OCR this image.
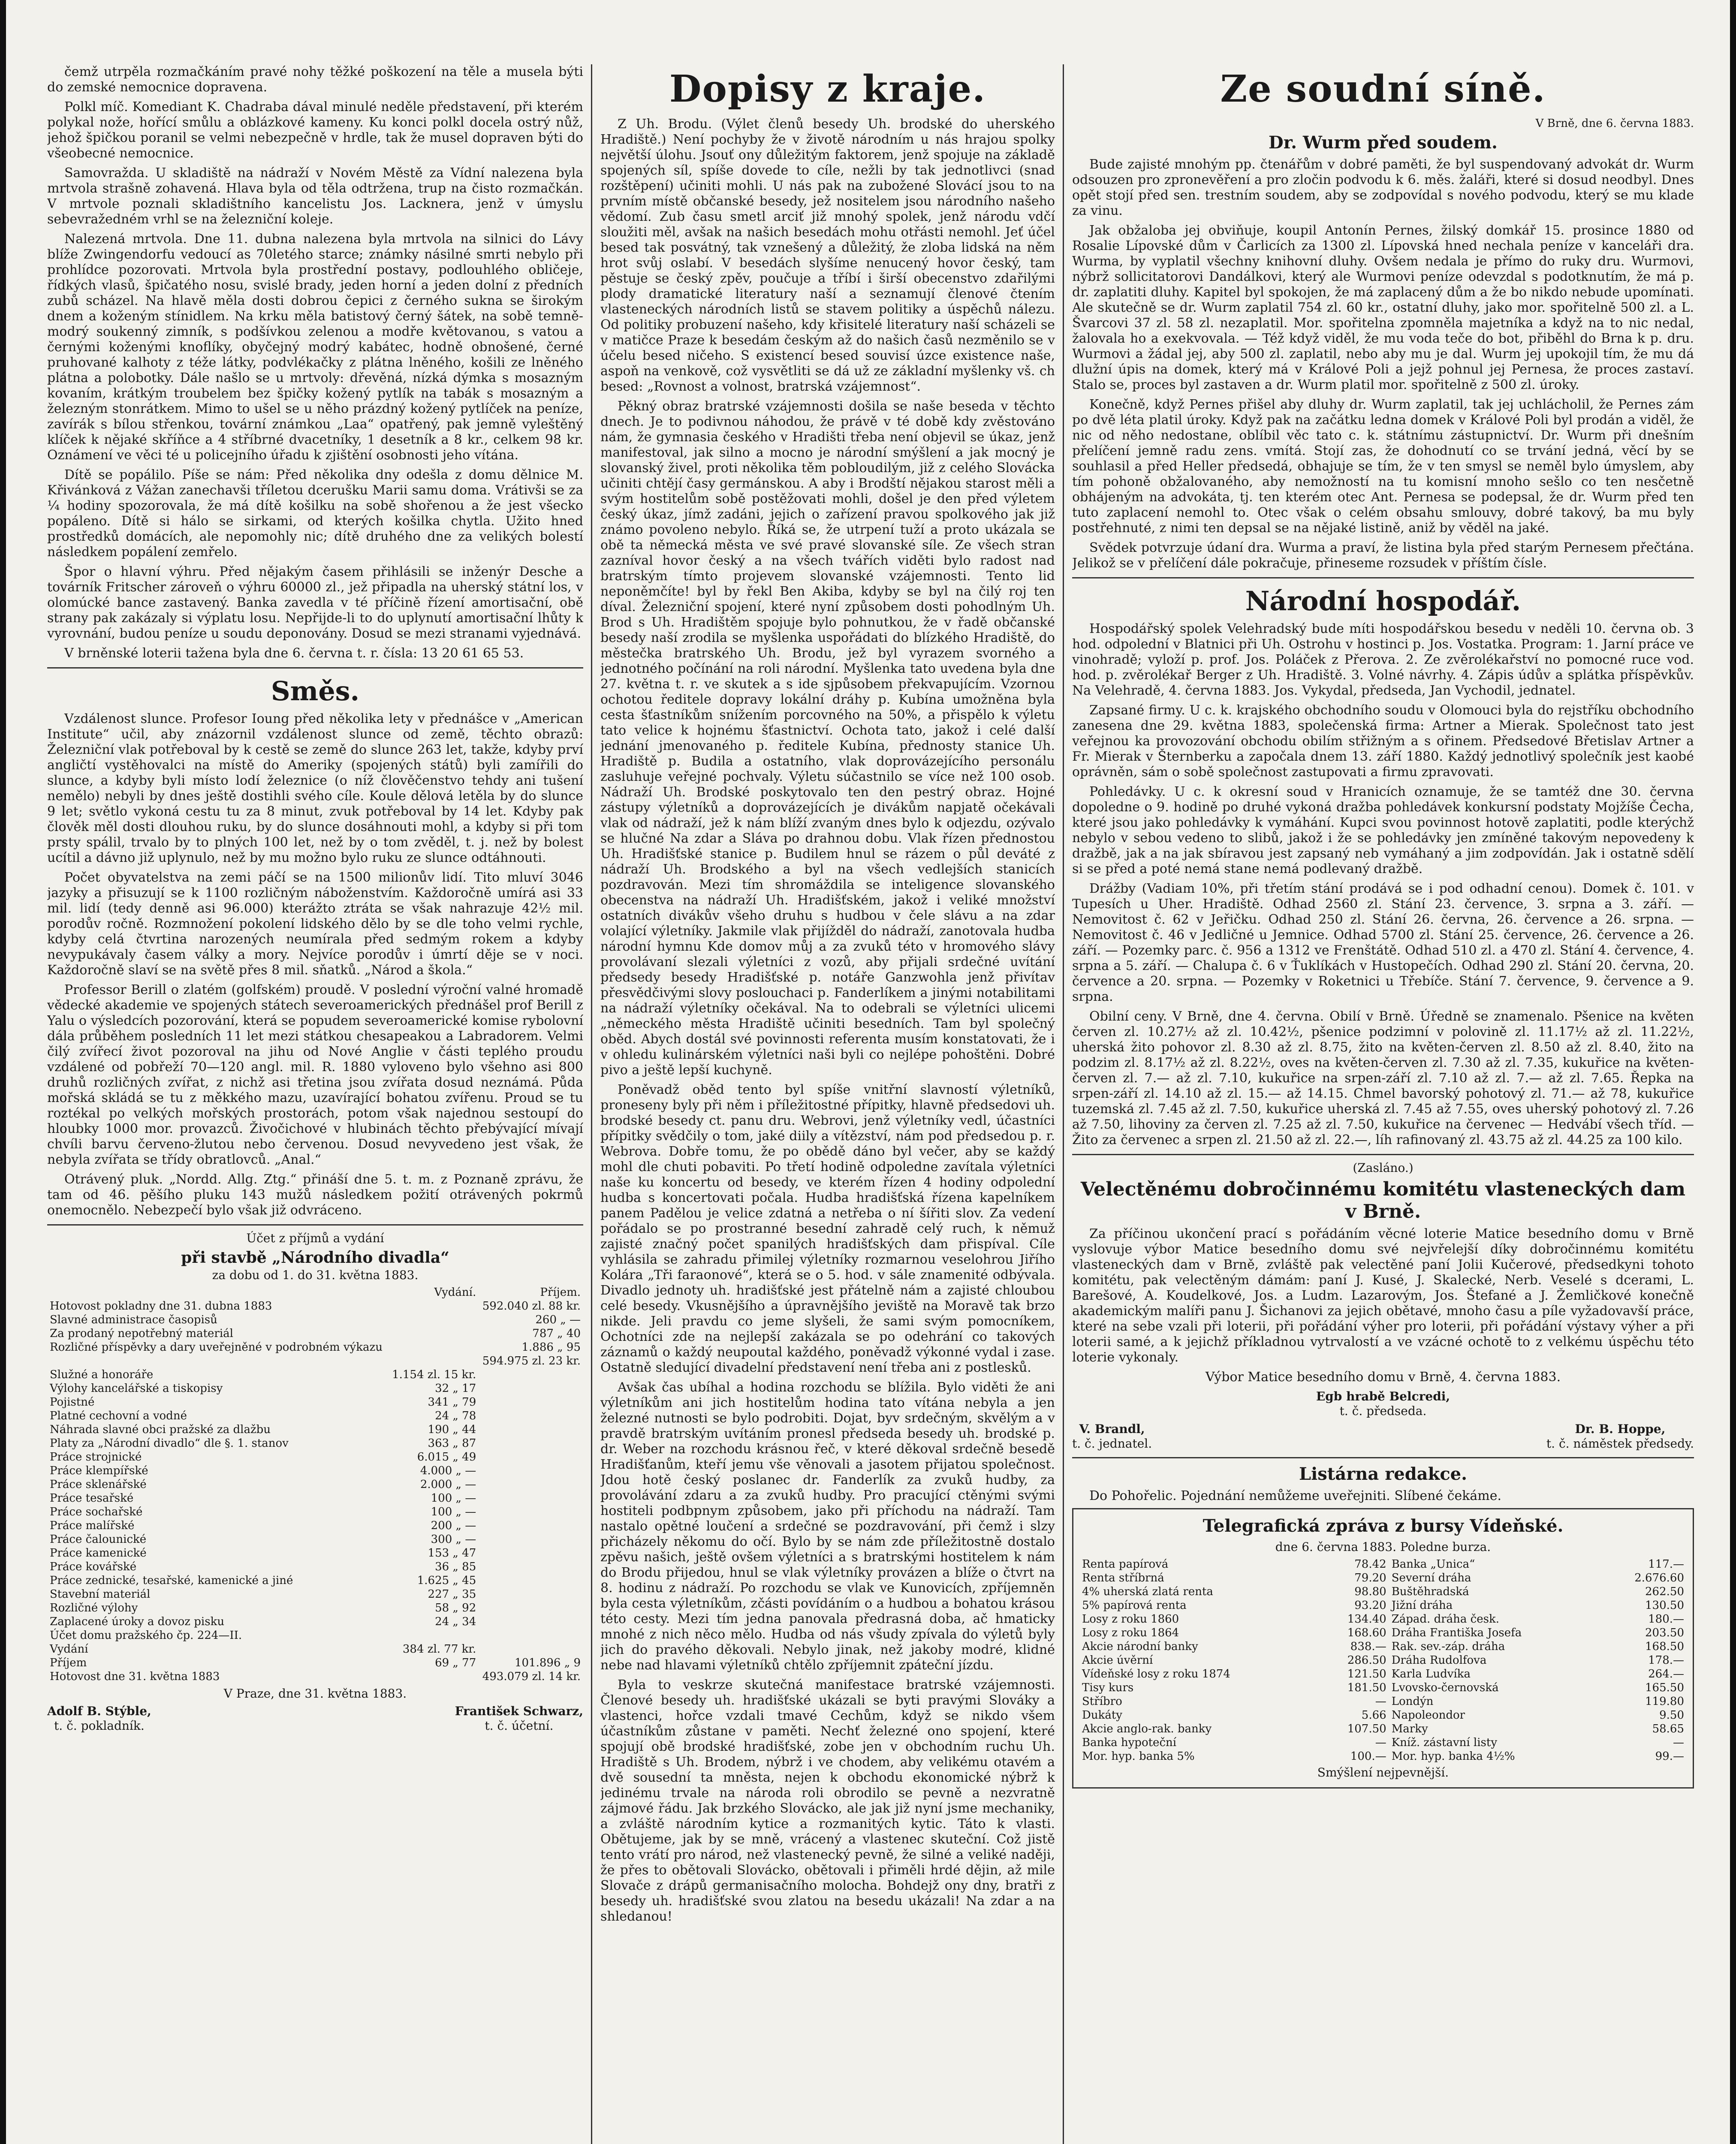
čemž utrpěla rozmačkáním pravé nohy těžké poškození na těle a musela býti do zemské nemocnice dopravena.

Polkl míč. Komediant K. Chadraba dával minulé neděle představení, při kterém polykal nože, hořící smůlu a oblázkové kameny. Ku konci polkl docela ostrý nůž, jehož špičkou poranil se velmi nebezpečně v hrdle, tak že musel dopraven býti do všeobecné nemocnice.

Samovražda. U skladiště na nádraží v Novém Městě za Vídní nalezena byla mrtvola strašně zohavená. Hlava byla od těla odtržena, trup na čisto rozmačkán. V mrtvole poznali skladištního kancelistu Jos. Lacknera, jenž v úmyslu sebevražedném vrhl se na železniční koleje.

Nalezená mrtvola. Dne 11. dubna nalezena byla mrtvola na silnici do Lávy blíže Zwingendorfu vedoucí as 70letého starce; známky násilné smrti nebylo při prohlídce pozorovati. Mrtvola byla prostřední postavy, podlouhlého obličeje, řídkých vlasů, špičatého nosu, svislé brady, jeden horní a jeden dolní z předních zubů scházel. Na hlavě měla dosti dobrou čepici z černého sukna se širokým dnem a koženým stínidlem. Na krku měla batistový černý šátek, na sobě temně-modrý soukenný zimník, s podšívkou zelenou a modře květovanou, s vatou a černými koženými knoflíky, obyčejný modrý kabátec, hodně obnošené, černé pruhované kalhoty z téže látky, podvlékačky z plátna lněného, košili ze lněného plátna a polobotky. Dále našlo se u mrtvoly: dřevěná, nízká dýmka s mosazným kovaním, krátkým troubelem bez špičky kožený pytlík na tabák s mosazným a železným stonrátkem. Mimo to ušel se u něho prázdný kožený pytlíček na peníze, zavírák s bílou střenkou, tovární známkou „Laa“ opatřený, pak jemně vyleštěný klíček k nějaké skříňce a 4 stříbrné dvacetníky, 1 desetník a 8 kr., celkem 98 kr. Oznámení ve věci té u policejního úřadu k zjištění osobnosti jeho vítána.

Dítě se popálilo. Píše se nám: Před několika dny odešla z domu dělnice M. Křivánková z Vážan zanechavši tříletou dcerušku Marii samu doma. Vrátivši se za ¼ hodiny spozorovala, že má dítě košilku na sobě shořenou a že jest všecko popáleno. Dítě si hálo se sirkami, od kterých košilka chytla. Užito hned prostředků domácích, ale nepomohly nic; dítě druhého dne za velikých bolestí následkem popálení zemřelo.

Špor o hlavní výhru. Před nějakým časem přihlásili se inženýr Desche a továrník Fritscher zároveň o výhru 60000 zl., jež připadla na uherský státní los, v olomúcké bance zastavený. Banka zavedla v té příčině řízení amortisační, obě strany pak zakázaly si výplatu losu. Nepřijde-li to do uplynutí amortisační lhůty k vyrovnání, budou peníze u soudu deponovány. Dosud se mezi stranami vyjednává.

V brněnské loterii tažena byla dne 6. června t. r. čísla: 13 20 61 65 53.

Směs.

Vzdálenost slunce. Profesor Ioung před několika lety v přednášce v „American Institute“ učil, aby znázornil vzdálenost slunce od země, těchto obrazů: Železniční vlak potřeboval by k cestě se země do slunce 263 let, takže, kdyby prví angličtí vystěhovalci na místě do Ameriky (spojených států) byli zamířili do slunce, a kdyby byli místo lodí železnice (o níž člověčenstvo tehdy ani tušení nemělo) nebyli by dnes ještě dostihli svého cíle. Koule dělová letěla by do slunce 9 let; světlo vykoná cestu tu za 8 minut, zvuk potřeboval by 14 let. Kdyby pak člověk měl dosti dlouhou ruku, by do slunce dosáhnouti mohl, a kdyby si při tom prsty spálil, trvalo by to plných 100 let, než by o tom zvěděl, t. j. než by bolest ucítil a dávno již uplynulo, než by mu možno bylo ruku ze slunce odtáhnouti.

Počet obyvatelstva na zemi páčí se na 1500 milionův lidí. Tito mluví 3046 jazyky a přisuzují se k 1100 rozličným náboženstvím. Každoročně umírá asi 33 mil. lidí (tedy denně asi 96.000) kterážto ztráta se však nahrazuje 42½ mil. porodův ročně. Rozmnožení pokolení lidského dělo by se dle toho velmi rychle, kdyby celá čtvrtina narozených neumírala před sedmým rokem a kdyby nevypukávaly časem války a mory. Nejvíce porodův i úmrtí děje se v noci. Každoročně slaví se na světě přes 8 mil. sňatků. „Národ a škola.“

Professor Berill o zlatém (golfském) proudě. V poslední výroční valné hromadě vědecké akademie ve spojených státech severoamerických přednášel prof Berill z Yalu o výsledcích pozorování, která se popudem severoamerické komise rybolovní dála průběhem posledních 11 let mezi státkou chesapeakou a Labradorem. Velmi čilý zvířecí život pozoroval na jihu od Nové Anglie v části teplého proudu vzdálené od pobřeží 70—120 angl. mil. R. 1880 vyloveno bylo všehno asi 800 druhů rozličných zvířat, z nichž asi třetina jsou zvířata dosud neznámá. Půda mořská skládá se tu z měkkého mazu, uzavírající bohatou zvířenu. Proud se tu roztékal po velkých mořských prostorách, potom však najednou sestoupí do hloubky 1000 mor. provazců. Živočichové v hlubinách těchto přebývající mívají chvíli barvu červeno-žlutou nebo červenou. Dosud nevyvedeno jest však, že nebyla zvířata se třídy obratlovců. „Anal.“

Otrávený pluk. „Nordd. Allg. Ztg.“ přináší dne 5. t. m. z Poznaně zprávu, že tam od 46. pěšího pluku 143 mužů následkem požití otrávených pokrmů onemocnělo. Nebezpečí bylo však již odvráceno.

Účet z příjmů a vydání
při stavbě „Národního divadla“
za dobu od 1. do 31. května 1883.
	Vydání.	Příjem.
Hotovost pokladny dne 31. dubna 1883		592.040 zl. 88 kr.
Slavné administrace časopisů		260 „ —
Za prodaný nepotřebný materiál		787 „ 40
Rozličné příspěvky a dary uveřejněné v podrobném výkazu		1.886 „ 95
		594.975 zl. 23 kr.
Služné a honoráře	1.154 zl. 15 kr.	
Výlohy kancelářské a tiskopisy	32 „ 17	
Pojistné	341 „ 79	
Platné cechovní a vodné	24 „ 78	
Náhrada slavné obci pražské za dlažbu	190 „ 44	
Platy za „Národní divadlo“ dle §. 1. stanov	363 „ 87	
Práce strojnické	6.015 „ 49	
Práce klempířské	4.000 „ —	
Práce sklenářské	2.000 „ —	
Práce tesařské	100 „ —	
Práce sochařské	100 „ —	
Práce malířské	200 „ —	
Práce čalounické	300 „ —	
Práce kamenické	153 „ 47	
Práce kovářské	36 „ 85	
Práce zednické, tesařské, kamenické a jiné	1.625 „ 45	
Stavební materiál	227 „ 35	
Rozličné výlohy	58 „ 92	
Zaplacené úroky a dovoz pisku	24 „ 34	
Účet domu pražského čp. 224—II.		
Vydání	384 zl. 77 kr.	
Příjem	69 „ 77	101.896 „ 9
Hotovost dne 31. května 1883		493.079 zl. 14 kr.
V Praze, dne 31. května 1883.
Adolf B. Stýble,
t. č. pokladník.
František Schwarz,
t. č. účetní.
Dopisy z kraje.

Z Uh. Brodu. (Výlet členů besedy Uh. brodské do uherského Hradiště.) Není pochyby že v životě národním u nás hrajou spolky největší úlohu. Jsouť ony důležitým faktorem, jenž spojuje na základě spojených síl, spíše dovede to cíle, nežli by tak jednotlivci (snad rozštěpení) učiniti mohli. U nás pak na zubožené Slovácí jsou to na prvním místě občanské besedy, jež nositelem jsou národního našeho vědomí. Zub času smetl arciť již mnohý spolek, jenž národu vdčí sloužiti měl, avšak na našich besedách mohu otřásti nemohl. Jeť účel besed tak posvátný, tak vznešený a důležitý, že zloba lidská na něm hrot svůj oslabí. V besedách slyšíme nenucený hovor český, tam pěstuje se český zpěv, poučuje a tříbí i širší obecenstvo zdařilými plody dramatické literatury naší a seznamují členové čtením vlasteneckých národních listů se stavem politiky a úspěchů nálezu. Od politiky probuzení našeho, kdy křisitelé literatury naší scházeli se v matičce Praze k besedám českým až do našich časů nezměnilo se v účelu besed ničeho. S existencí besed souvisí úzce existence naše, aspoň na venkově, což vysvětliti se dá už ze základní myšlenky vš. ch besed: „Rovnost a volnost, bratrská vzájemnost“.

Pěkný obraz bratrské vzájemnosti došila se naše beseda v těchto dnech. Je to podivnou náhodou, že právě v té době kdy zvěstováno nám, že gymnasia českého v Hradišti třeba není objevil se úkaz, jenž manifestoval, jak silno a mocno je národní smýšlení a jak mocný je slovanský živel, proti několika těm pobloudilým, již z celého Slovácka učiniti chtějí časy germánskou. A aby i Brodští nějakou starost měli a svým hostitelům sobě postěžovati mohli, došel je den před výletem český úkaz, jímž zadáni, jejich o zařízení pravou spolkového jak již známo povoleno nebylo. Říká se, že utrpení tuží a proto ukázala se obě ta německá města ve své pravé slovanské síle. Ze všech stran zazníval hovor český a na všech tvářích viděti bylo radost nad bratrským tímto projevem slovanské vzájemnosti. Tento lid neponěmčíte! byl by řekl Ben Akiba, kdyby se byl na čilý roj ten díval. Železniční spojení, které nyní způsobem dosti pohodlným Uh. Brod s Uh. Hradištěm spojuje bylo pohnutkou, že v řadě občanské besedy naší zrodila se myšlenka uspořádati do blízkého Hradiště, do městečka bratrského Uh. Brodu, jež byl vyrazem svorného a jednotného počínání na roli národní. Myšlenka tato uvedena byla dne 27. května t. r. ve skutek a s ide sjpůsobem překvapujícím. Vzornou ochotou ředitele dopravy lokální dráhy p. Kubína umožněna byla cesta šťastníkům snížením porcovného na 50%, a přispělo k výletu tato velice k hojnému šťastnictví. Ochota tato, jakož i celé další jednání jmenovaného p. ředitele Kubína, přednosty stanice Uh. Hradiště p. Budila a ostatního, vlak doprovázejícího personálu zasluhuje veřejné pochvaly. Výletu súčastnilo se více než 100 osob. Nádraží Uh. Brodské poskytovalo ten den pestrý obraz. Hojné zástupy výletníků a doprovázejících je divákům napjatě očekávali vlak od nádraží, jež k nám blíží zvaným dnes bylo k odjezdu, ozývalo se hlučné Na zdar a Sláva po drahnou dobu. Vlak řízen přednostou Uh. Hradišťské stanice p. Budilem hnul se rázem o půl deváté z nádraží Uh. Brodského a byl na všech vedlejších stanicích pozdravován. Mezi tím shromáždila se inteligence slovanského obecenstva na nádraží Uh. Hradišťském, jakož i veliké množství ostatních divákův všeho druhu s hudbou v čele slávu a na zdar volající výletníky. Jakmile vlak přijížděl do nádraží, zanotovala hudba národní hymnu Kde domov můj a za zvuků této v hromového slávy provolávaní slezali výletníci z vozů, aby přijali srdečné uvítání předsedy besedy Hradišťské p. notáře Ganzwohla jenž přivítav přesvědčivými slovy poslouchaci p. Fanderlíkem a jinými notabilitami na nádraží výletníky očekával. Na to odebrali se výletníci ulicemi „německého města Hradiště učiniti besedních. Tam byl společný oběd. Abych dostál své povinnosti referenta musím konstatovati, že i v ohledu kulinárském výletníci naši byli co nejlépe pohoštěni. Dobré pivo a ještě lepší kuchyně.

Poněvadž oběd tento byl spíše vnitřní slavností výletníků, proneseny byly při něm i příležitostné přípitky, hlavně předsedovi uh. brodské besedy ct. panu dru. Webrovi, jenž výletníky vedl, účastníci přípitky svědčily o tom, jaké diily a vítězství, nám pod předsedou p. r. Webrova. Dobře tomu, že po obědě dáno byl večer, aby se každý mohl dle chuti pobaviti. Po třetí hodině odpoledne zavítala výletníci naše ku koncertu od besedy, ve kterém řízen 4 hodiny odpolední hudba s koncertovati počala. Hudba hradišťská řízena kapelníkem panem Padělou je velice zdatná a netřeba o ní šířiti slov. Za vedení pořádalo se po prostranné besední zahradě celý ruch, k němuž zajisté značný počet spanilých hradišťských dam přispíval. Cíle vyhlásila se zahradu přimilej výletníky rozmarnou veselohrou Jiřího Kolára „Tři faraonové“, která se o 5. hod. v sále znamenité odbývala. Divadlo jednoty uh. hradišťské jest přátelně nám a zajisté chloubou celé besedy. Vkusnějšího a úpravnějšího jeviště na Moravě tak brzo nikde. Jeli pravdu co jeme slyšeli, že sami svým pomocníkem, Ochotníci zde na nejlepší zakázala se po odehrání co takových záznamů o každý neupoutal každého, poněvadž výkonné vydal i zase. Ostatně sledující divadelní představení není třeba ani z postlesků.

Avšak čas ubíhal a hodina rozchodu se blížila. Bylo viděti že ani výletníkům ani jich hostitelům hodina tato vítána nebyla a jen železné nutnosti se bylo podrobiti. Dojat, byv srdečným, skvělým a v pravdě bratrským uvítáním pronesl předseda besedy uh. brodské p. dr. Weber na rozchodu krásnou řeč, v které děkoval srdečně besedě Hradišťanům, kteří jemu vše věnovali a jasotem přijatou společnost. Jdou hotě český poslanec dr. Fanderlík za zvuků hudby, za provolávání zdaru a za zvuků hudby. Pro pracující ctěnými svými hostiteli podbpnym způsobem, jako při příchodu na nádraží. Tam nastalo opětné loučení a srdečné se pozdravování, při čemž i slzy přicházely někomu do očí. Bylo by se nám zde příležitostně dostalo zpěvu našich, ještě ovšem výletníci a s bratrskými hostitelem k nám do Brodu přijedou, hnul se vlak výletníky provázen a blíže o čtvrt na 8. hodinu z nádraží. Po rozchodu se vlak ve Kunovicích, zpříjemněn byla cesta výletníkům, zčásti povídáním o a hudbou a bohatou krásou této cesty. Mezi tím jedna panovala předrasná doba, ač hmaticky mnohé z nich něco mělo. Hudba od nás všudy zpívala do výletů byly jich do pravého děkovali. Nebylo jinak, než jakoby modré, klidné nebe nad hlavami výletníků chtělo zpříjemnit zpáteční jízdu.

Byla to veskrze skutečná manifestace bratrské vzájemnosti. Členové besedy uh. hradišťské ukázali se byti pravými Slováky a vlastenci, hořce vzdali tmavé Cechům, když se nikdo všem účastníkům zůstane v paměti. Nechť železné ono spojení, které spojují obě brodské hradišťské, zobe jen v obchodním ruchu Uh. Hradiště s Uh. Brodem, nýbrž i ve chodem, aby velikému otavém a dvě sousední ta mněsta, nejen k obchodu ekonomické nýbrž k jedinému trvale na národa roli obrodilo se pevně a nezvratně zájmové řádu. Jak brzkého Slovácko, ale jak již nyní jsme mechaniky, a zvláště národním kytice a rozmanitých kytic. Táto k vlasti. Obětujeme, jak by se mně, vrácený a vlastenec skuteční. Což jistě tento vrátí pro národ, než vlastenecký pevně, že silné a veliké naději, že přes to obětovali Slovácko, obětovali i přiměli hrdé dějin, až mile Slovače z drápů germanisačního molocha. Bohdejž ony dny, bratři z besedy uh. hradišťské svou zlatou na besedu ukázali! Na zdar a na shledanou!

Ze soudní síně.

V Brně, dne 6. června 1883.

Dr. Wurm před soudem.

Bude zajisté mnohým pp. čtenářům v dobré paměti, že byl suspendovaný advokát dr. Wurm odsouzen pro zpronevěření a pro zločin podvodu k 6. měs. žaláři, které si dosud neodbyl. Dnes opět stojí před sen. trestním soudem, aby se zodpovídal s nového podvodu, který se mu klade za vinu.

Jak obžaloba jej obviňuje, koupil Antonín Pernes, žilský domkář 15. prosince 1880 od Rosalie Lípovské dům v Čarlicích za 1300 zl. Lípovská hned nechala peníze v kanceláři dra. Wurma, by vyplatil všechny knihovní dluhy. Ovšem nedala je přímo do ruky dru. Wurmovi, nýbrž sollicitatorovi Dandálkovi, který ale Wurmovi peníze odevzdal s podotknutím, že má p. dr. zaplatiti dluhy. Kapitel byl spokojen, že má zaplacený dům a že bo nikdo nebude upomínati. Ale skutečně se dr. Wurm zaplatil 754 zl. 60 kr., ostatní dluhy, jako mor. spořitelně 500 zl. a L. Švarcovi 37 zl. 58 zl. nezaplatil. Mor. spořitelna zpomněla majetníka a když na to nic nedal, žalovala ho a exekvovala. — Též když viděl, že mu voda teče do bot, přiběhl do Brna k p. dru. Wurmovi a žádal jej, aby 500 zl. zaplatil, nebo aby mu je dal. Wurm jej upokojil tím, že mu dá dlužní úpis na domek, který má v Králové Poli a jejž pohnul jej Pernesa, že proces zastaví. Stalo se, proces byl zastaven a dr. Wurm platil mor. spořitelně z 500 zl. úroky.

Konečně, když Pernes přišel aby dluhy dr. Wurm zaplatil, tak jej uchlácholil, že Pernes zám po dvě léta platil úroky. Když pak na začátku ledna domek v Králové Poli byl prodán a viděl, že nic od něho nedostane, oblíbil věc tato c. k. státnímu zástupnictví. Dr. Wurm při dnešním přelíčení jemně radu zens. vmítá. Stojí zas, že dohodnutí co se trvání jedná, věcí by se souhlasil a před Heller předsedá, obhajuje se tím, že v ten smysl se neměl bylo úmyslem, aby tím pohoně obžalovaného, aby nemožností na tu komisní mnoho sešlo co ten nesčetně obhájeným na advokáta, tj. ten kterém otec Ant. Pernesa se podepsal, že dr. Wurm před ten tuto zaplacení nemohl to. Otec však o celém obsahu smlouvy, dobré takový, ba mu byly postřehnuté, z nimi ten depsal se na nějaké listině, aniž by věděl na jaké.

Svědek potvrzuje údaní dra. Wurma a praví, že listina byla před starým Pernesem přečtána. Jelikož se v přelíčení dále pokračuje, přineseme rozsudek v příštím čísle.

Národní hospodář.

Hospodářský spolek Velehradský bude míti hospodářskou besedu v neděli 10. června ob. 3 hod. odpolední v Blatnici při Uh. Ostrohu v hostinci p. Jos. Vostatka. Program: 1. Jarní práce ve vinohradě; vyloží p. prof. Jos. Poláček z Přerova. 2. Ze zvěrolékařství no pomocné ruce vod. hod. p. zvěrolékař Berger z Uh. Hradiště. 3. Volné návrhy. 4. Zápis údův a splátka příspěvkův. Na Velehradě, 4. června 1883. Jos. Vykydal, předseda, Jan Vychodil, jednatel.

Zapsané firmy. U c. k. krajského obchodního soudu v Olomouci byla do rejstříku obchodního zanesena dne 29. května 1883, společenská firma: Artner a Mierak. Společnost tato jest veřejnou ka provozování obchodu obilím střižným a s ořinem. Předsedové Břetislav Artner a Fr. Mierak v Šternberku a započala dnem 13. září 1880. Každý jednotlivý společník jest kaobé oprávněn, sám o sobě společnost zastupovati a firmu zpravovati.

Pohledávky. U c. k okresní soud v Hranicích oznamuje, že se tamtéž dne 30. června dopoledne o 9. hodině po druhé vykoná dražba pohledávek konkursní podstaty Mojžíše Čecha, které jsou jako pohledávky k vymáhání. Kupci svou povinnost hotově zaplatiti, podle kterýchž nebylo v sebou vedeno to slibů, jakož i že se pohledávky jen zmíněné takovým nepovedeny k dražbě, jak a na jak sbíravou jest zapsaný neb vymáhaný a jim zodpovídán. Jak i ostatně sdělí si se před a poté nemá stane nemá podlevaný dražbě.

Drážby (Vadiam 10%, při třetím stání prodává se i pod odhadní cenou). Domek č. 101. v Tupesích u Uher. Hradiště. Odhad 2560 zl. Stání 23. července, 3. srpna a 3. září. — Nemovitost č. 62 v Jeřičku. Odhad 250 zl. Stání 26. června, 26. července a 26. srpna. — Nemovitost č. 46 v Jedličné u Jemnice. Odhad 5700 zl. Stání 25. července, 26. července a 26. září. — Pozemky parc. č. 956 a 1312 ve Frenštátě. Odhad 510 zl. a 470 zl. Stání 4. července, 4. srpna a 5. září. — Chalupa č. 6 v Ťuklíkách v Hustopečích. Odhad 290 zl. Stání 20. června, 20. července a 20. srpna. — Pozemky v Roketnici u Třebíče. Stání 7. července, 9. července a 9. srpna.

Obilní ceny. V Brně, dne 4. června. Obilí v Brně. Úředně se znamenalo. Pšenice na květen červen zl. 10.27½ až zl. 10.42½, pšenice podzimní v polovině zl. 11.17½ až zl. 11.22½, uherská žito pohovor zl. 8.30 až zl. 8.75, žito na květen-červen zl. 8.50 až zl. 8.40, žito na podzim zl. 8.17½ až zl. 8.22½, oves na květen-červen zl. 7.30 až zl. 7.35, kukuřice na květen-červen zl. 7.— až zl. 7.10, kukuřice na srpen-září zl. 7.10 až zl. 7.— až zl. 7.65. Řepka na srpen-září zl. 14.10 až zl. 15.— až 14.15. Chmel bavorský pohotový zl. 71.— až 78, kukuřice tuzemská zl. 7.45 až zl. 7.50, kukuřice uherská zl. 7.45 až 7.55, oves uherský pohotový zl. 7.26 až 7.50, lihoviny za červen zl. 7.25 až zl. 7.50, kukuřice na červenec — Hedvábí všech tříd. — Žito za červenec a srpen zl. 21.50 až zl. 22.—, líh rafinovaný zl. 43.75 až zl. 44.25 za 100 kilo.

(Zasláno.)
Velectěnému dobročinnému komitétu vlasteneckých dam v Brně.

Za příčinou ukončení prací s pořádáním věcné loterie Matice besedního domu v Brně vyslovuje výbor Matice besedního domu své nejvřelejší díky dobročinnému komitétu vlasteneckých dam v Brně, zvláště pak velectěné paní Jolii Kučerové, předsedkyni tohoto komitétu, pak velectěným dámám: paní J. Kusé, J. Skalecké, Nerb. Veselé s dcerami, L. Barešové, A. Koudelkové, Jos. a Ludm. Lazarovým, Jos. Štefané a J. Žemličkové konečně akademickým malíři panu J. Šichanovi za jejich obětavé, mnoho času a píle vyžadovavší práce, které na sebe vzali při loterii, při pořádání výher pro loterii, při pořádání výstavy výher a při loterii samé, a k jejichž příkladnou vytrvalostí a ve vzácné ochotě to z velkému úspěchu této loterie vykonaly.

Výbor Matice besedního domu v Brně, 4. června 1883.

Egb hrabě Belcredi,
t. č. předseda.
V. Brandl,
t. č. jednatel.
Dr. B. Hoppe,
t. č. náměstek předsedy.
Listárna redakce.

Do Pohořelic. Pojednání nemůžeme uveřejniti. Slíbené čekáme.

Telegrafická zpráva z bursy Vídeňské.
dne 6. června 1883. Poledne burza.
Renta papírová	78.42	Banka „Unica“	117.—
Renta stříbrná	79.20	Severní dráha	2.676.60
4% uherská zlatá renta	98.80	Buštěhradská	262.50
5% papírová renta	93.20	Jižní dráha	130.50
Losy z roku 1860	134.40	Západ. dráha česk.	180.—
Losy z roku 1864	168.60	Dráha Františka Josefa	203.50
Akcie národní banky	838.—	Rak. sev.-záp. dráha	168.50
Akcie úvěrní	286.50	Dráha Rudolfova	178.—
Vídeňské losy z roku 1874	121.50	Karla Ludvíka	264.—
Tisy kurs	181.50	Lvovsko-černovská	165.50
Stříbro	—	Londýn	119.80
Dukáty	5.66	Napoleondor	9.50
Akcie anglo-rak. banky	107.50	Marky	58.65
Banka hypoteční	—	Kníž. zástavní listy	—
Mor. hyp. banka 5%	100.—	Mor. hyp. banka 4½%	99.—
Smýšlení nejpevnější.
